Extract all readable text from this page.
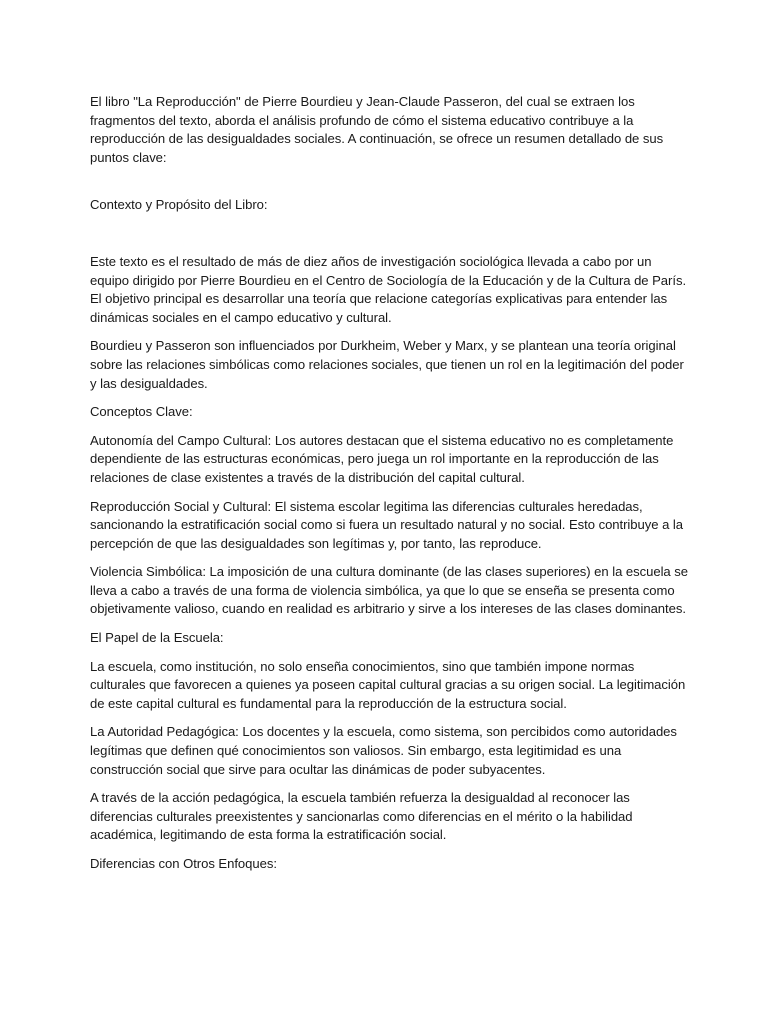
El libro "La Reproducción" de Pierre Bourdieu y Jean-Claude Passeron, del cual se extraen los fragmentos del texto, aborda el análisis profundo de cómo el sistema educativo contribuye a la reproducción de las desigualdades sociales. A continuación, se ofrece un resumen detallado de sus puntos clave:

Contexto y Propósito del Libro:

Este texto es el resultado de más de diez años de investigación sociológica llevada a cabo por un equipo dirigido por Pierre Bourdieu en el Centro de Sociología de la Educación y de la Cultura de París. El objetivo principal es desarrollar una teoría que relacione categorías explicativas para entender las dinámicas sociales en el campo educativo y cultural.

Bourdieu y Passeron son influenciados por Durkheim, Weber y Marx, y se plantean una teoría original sobre las relaciones simbólicas como relaciones sociales, que tienen un rol en la legitimación del poder y las desigualdades.

Conceptos Clave:

Autonomía del Campo Cultural: Los autores destacan que el sistema educativo no es completamente dependiente de las estructuras económicas, pero juega un rol importante en la reproducción de las relaciones de clase existentes a través de la distribución del capital cultural.

Reproducción Social y Cultural: El sistema escolar legitima las diferencias culturales heredadas, sancionando la estratificación social como si fuera un resultado natural y no social. Esto contribuye a la percepción de que las desigualdades son legítimas y, por tanto, las reproduce.

Violencia Simbólica: La imposición de una cultura dominante (de las clases superiores) en la escuela se lleva a cabo a través de una forma de violencia simbólica, ya que lo que se enseña se presenta como objetivamente valioso, cuando en realidad es arbitrario y sirve a los intereses de las clases dominantes.

El Papel de la Escuela:

La escuela, como institución, no solo enseña conocimientos, sino que también impone normas culturales que favorecen a quienes ya poseen capital cultural gracias a su origen social. La legitimación de este capital cultural es fundamental para la reproducción de la estructura social.

La Autoridad Pedagógica: Los docentes y la escuela, como sistema, son percibidos como autoridades legítimas que definen qué conocimientos son valiosos. Sin embargo, esta legitimidad es una construcción social que sirve para ocultar las dinámicas de poder subyacentes.

A través de la acción pedagógica, la escuela también refuerza la desigualdad al reconocer las diferencias culturales preexistentes y sancionarlas como diferencias en el mérito o la habilidad académica, legitimando de esta forma la estratificación social.

Diferencias con Otros Enfoques:
